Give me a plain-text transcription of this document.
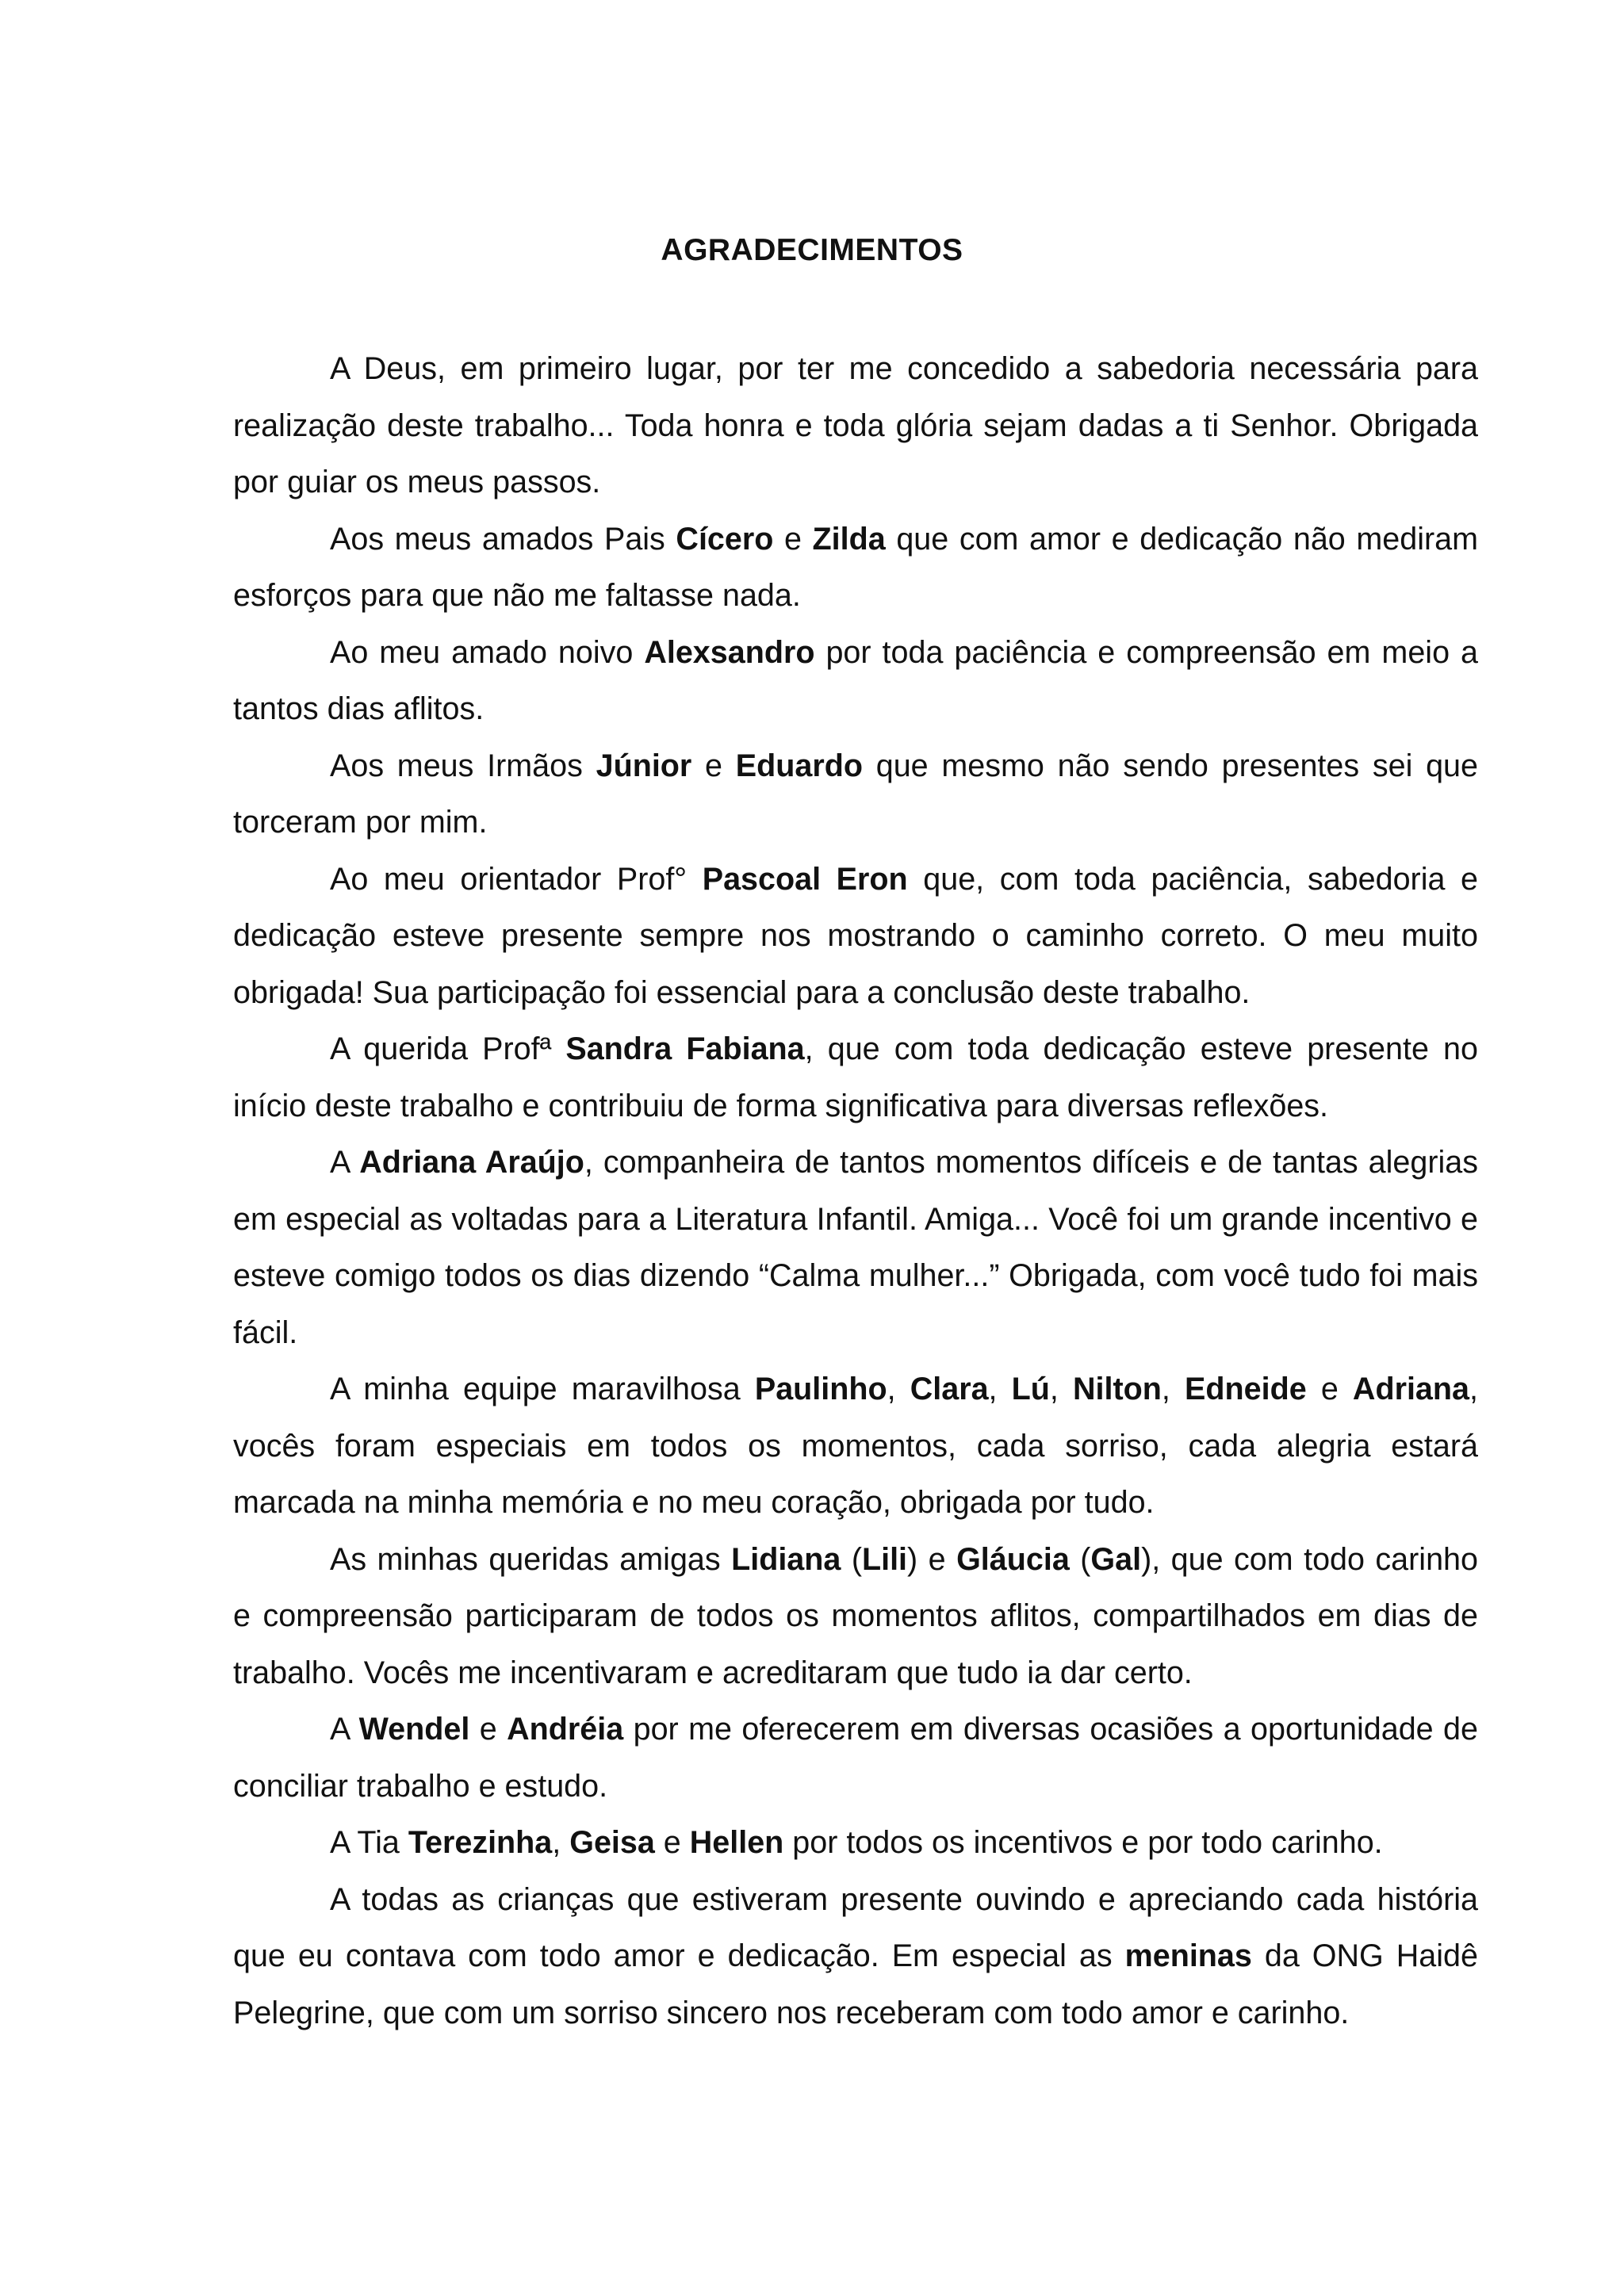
AGRADECIMENTOS

A Deus, em primeiro lugar, por ter me concedido a sabedoria necessária para realização deste trabalho... Toda honra e toda glória sejam dadas a ti Senhor. Obrigada por guiar os meus passos.

Aos meus amados Pais Cícero e Zilda que com amor e dedicação não mediram esforços para que não me faltasse nada.

Ao meu amado noivo Alexsandro por toda paciência e compreensão em meio a tantos dias aflitos.

Aos meus Irmãos Júnior e Eduardo que mesmo não sendo presentes sei que torceram por mim.

Ao meu orientador Prof° Pascoal Eron que, com toda paciência, sabedoria e dedicação esteve presente sempre nos mostrando o caminho correto. O meu muito obrigada! Sua participação foi essencial para a conclusão deste trabalho.

A querida Profª Sandra Fabiana, que com toda dedicação esteve presente no início deste trabalho e contribuiu de forma significativa para diversas reflexões.

A Adriana Araújo, companheira de tantos momentos difíceis e de tantas alegrias em especial as voltadas para a Literatura Infantil. Amiga... Você foi um grande incentivo e esteve comigo todos os dias dizendo “Calma mulher...” Obrigada, com você tudo foi mais fácil.

A minha equipe maravilhosa Paulinho, Clara, Lú, Nilton, Edneide e Adriana, vocês foram especiais em todos os momentos, cada sorriso, cada alegria estará marcada na minha memória e no meu coração, obrigada por tudo.

As minhas queridas amigas Lidiana (Lili) e Gláucia (Gal), que com todo carinho e compreensão participaram de todos os momentos aflitos, compartilhados em dias de trabalho. Vocês me incentivaram e acreditaram que tudo ia dar certo.

A Wendel e Andréia por me oferecerem em diversas ocasiões a oportunidade de conciliar trabalho e estudo.

A Tia Terezinha, Geisa e Hellen por todos os incentivos e por todo carinho.

A todas as crianças que estiveram presente ouvindo e apreciando cada história que eu contava com todo amor e dedicação. Em especial as meninas da ONG Haidê Pelegrine, que com um sorriso sincero nos receberam com todo amor e carinho.
